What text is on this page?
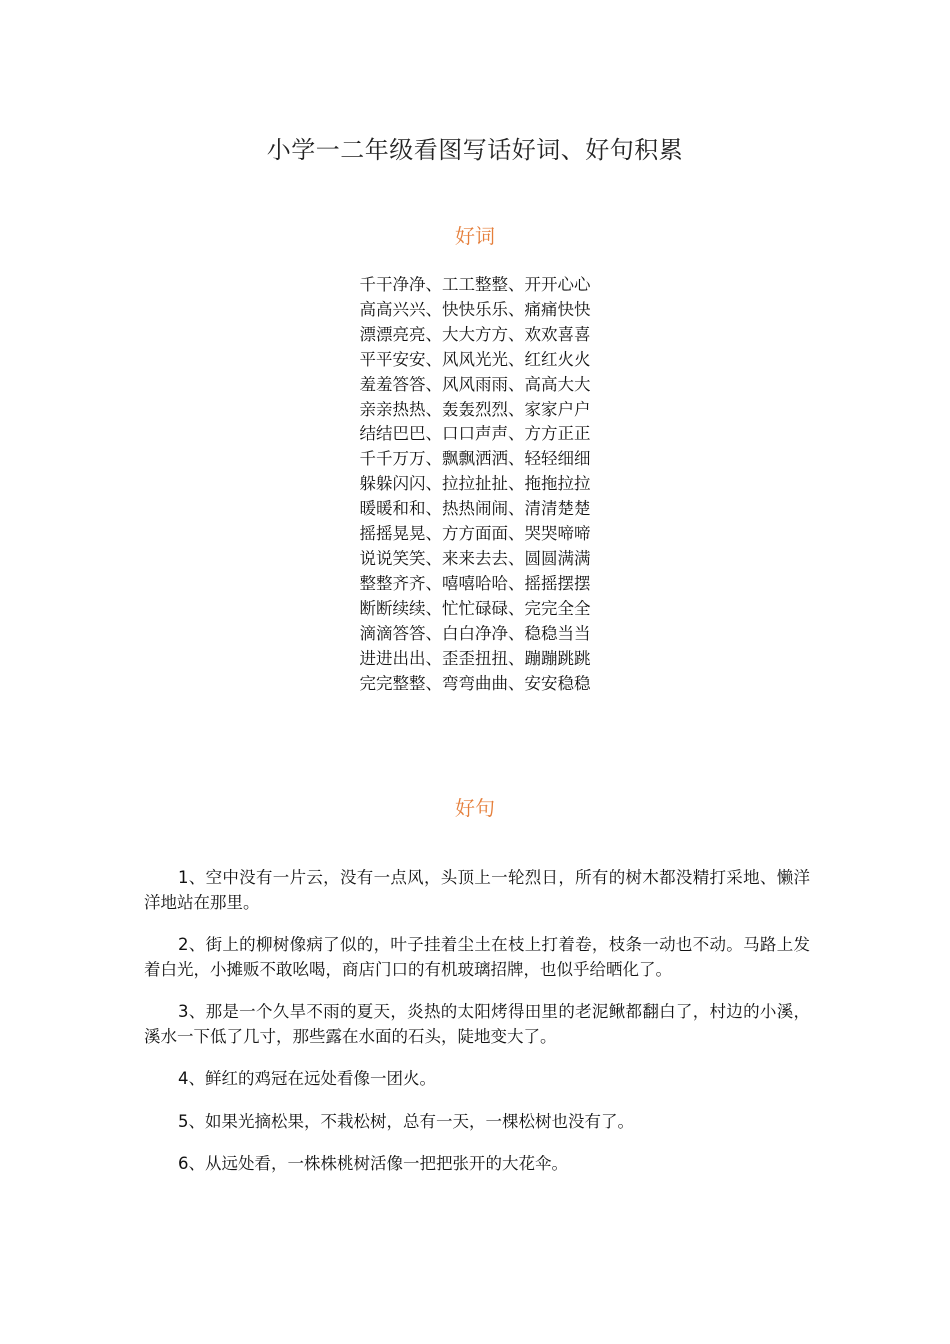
小学一二年级看图写话好词、好句积累
好词
千干净净、工工整整、开开心心
高高兴兴、快快乐乐、痛痛快快
漂漂亮亮、大大方方、欢欢喜喜
平平安安、风风光光、红红火火
羞羞答答、风风雨雨、高高大大
亲亲热热、轰轰烈烈、家家户户
结结巴巴、口口声声、方方正正
千千万万、飘飘洒洒、轻轻细细
躲躲闪闪、拉拉扯扯、拖拖拉拉
暖暖和和、热热闹闹、清清楚楚
摇摇晃晃、方方面面、哭哭啼啼
说说笑笑、来来去去、圆圆满满
整整齐齐、嘻嘻哈哈、摇摇摆摆
断断续续、忙忙碌碌、完完全全
滴滴答答、白白净净、稳稳当当
进进出出、歪歪扭扭、蹦蹦跳跳
完完整整、弯弯曲曲、安安稳稳
好句

1、空中没有一片云，没有一点风，头顶上一轮烈日，所有的树木都没精打采地、懒洋洋地站在那里。

2、街上的柳树像病了似的，叶子挂着尘土在枝上打着卷，枝条一动也不动。马路上发着白光，小摊贩不敢吆喝，商店门口的有机玻璃招牌，也似乎给晒化了。

3、那是一个久旱不雨的夏天，炎热的太阳烤得田里的老泥鳅都翻白了，村边的小溪，溪水一下低了几寸，那些露在水面的石头，陡地变大了。

4、鲜红的鸡冠在远处看像一团火。

5、如果光摘松果，不栽松树，总有一天，一棵松树也没有了。

6、从远处看，一株株桃树活像一把把张开的大花伞。
